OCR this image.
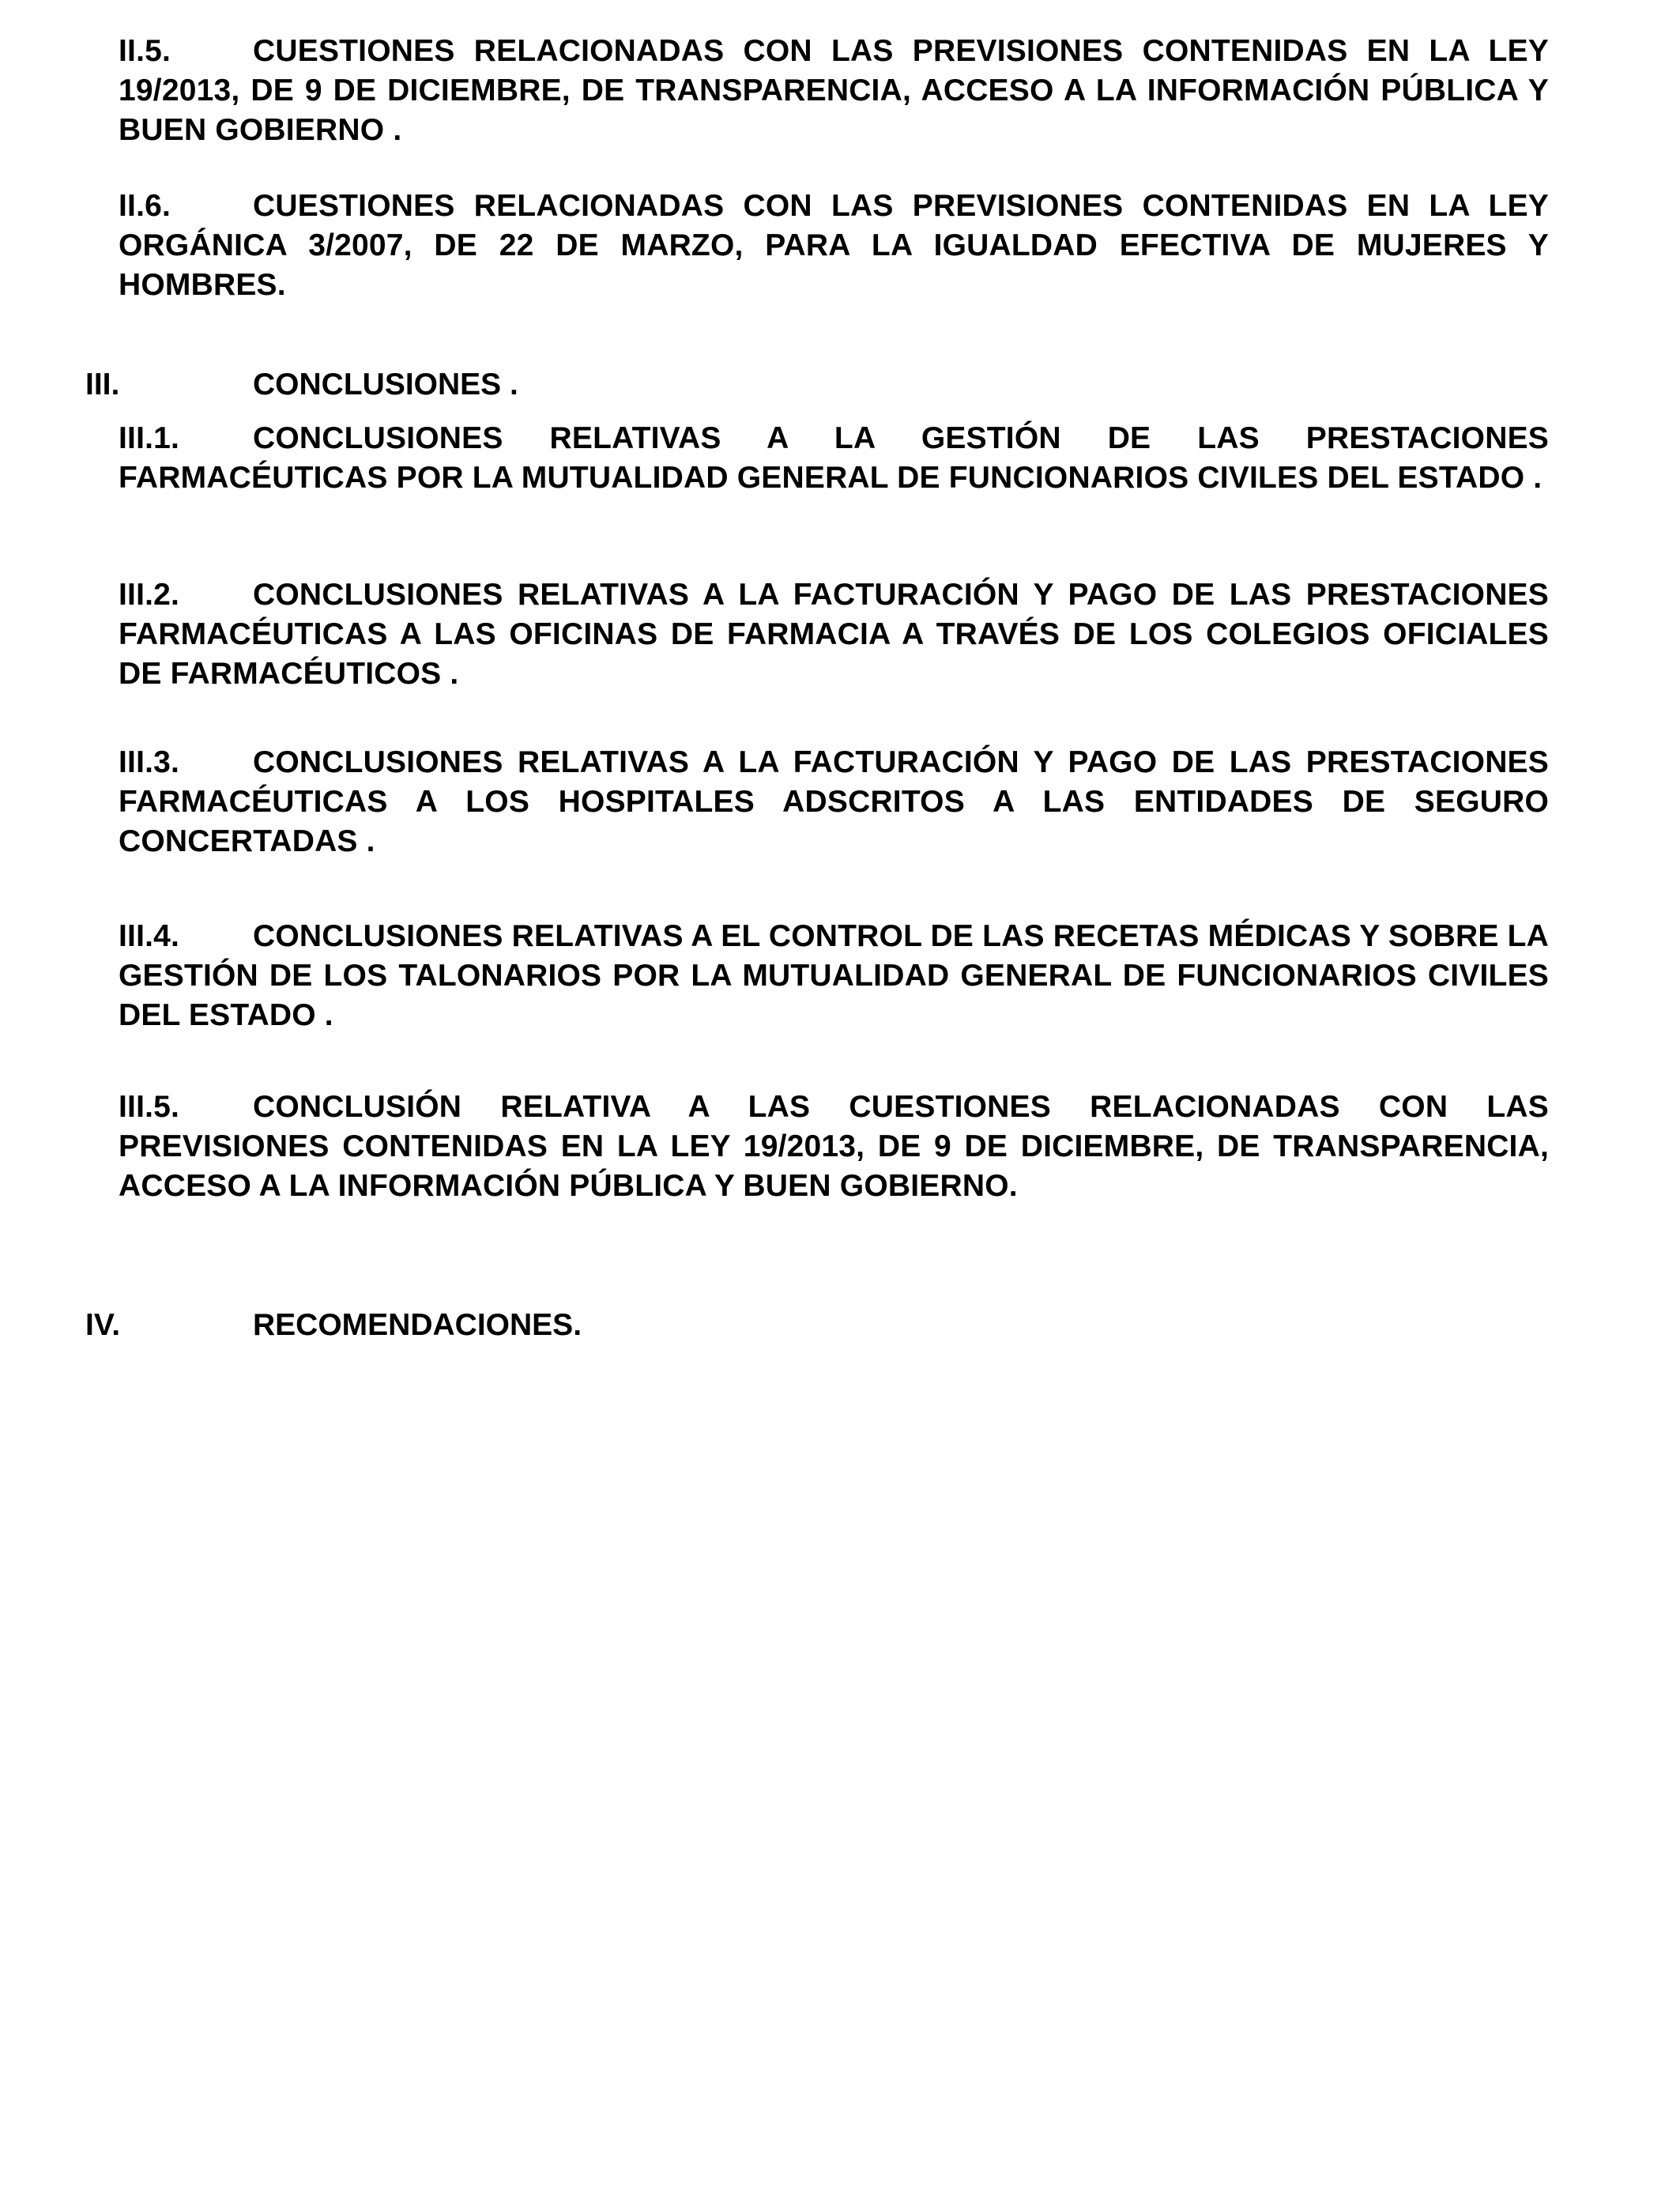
II.5.	CUESTIONES RELACIONADAS CON LAS PREVISIONES CONTENIDAS EN LA LEY 19/2013, DE 9 DE DICIEMBRE, DE TRANSPARENCIA, ACCESO A LA INFORMACIÓN PÚBLICA Y BUEN GOBIERNO .
II.6.	CUESTIONES RELACIONADAS CON LAS PREVISIONES CONTENIDAS EN LA LEY ORGÁNICA 3/2007, DE 22 DE MARZO, PARA LA IGUALDAD EFECTIVA DE MUJERES Y HOMBRES.
III.	CONCLUSIONES .
III.1. CONCLUSIONES RELATIVAS A LA GESTIÓN DE LAS PRESTACIONES FARMACÉUTICAS POR LA MUTUALIDAD GENERAL DE FUNCIONARIOS CIVILES DEL ESTADO .
III.2. CONCLUSIONES RELATIVAS A LA FACTURACIÓN Y PAGO DE LAS PRESTACIONES FARMACÉUTICAS A LAS OFICINAS DE FARMACIA A TRAVÉS DE LOS COLEGIOS OFICIALES DE FARMACÉUTICOS .
III.3. CONCLUSIONES RELATIVAS A LA FACTURACIÓN Y PAGO DE LAS PRESTACIONES FARMACÉUTICAS A LOS HOSPITALES ADSCRITOS A LAS ENTIDADES DE SEGURO CONCERTADAS .
III.4. CONCLUSIONES RELATIVAS A EL CONTROL DE LAS RECETAS MÉDICAS Y SOBRE LA GESTIÓN DE LOS TALONARIOS POR LA MUTUALIDAD GENERAL DE FUNCIONARIOS CIVILES DEL ESTADO .
III.5. CONCLUSIÓN RELATIVA A LAS CUESTIONES RELACIONADAS CON LAS PREVISIONES CONTENIDAS EN LA LEY 19/2013, DE 9 DE DICIEMBRE, DE TRANSPARENCIA, ACCESO A LA INFORMACIÓN PÚBLICA Y BUEN GOBIERNO.
IV.	RECOMENDACIONES.
